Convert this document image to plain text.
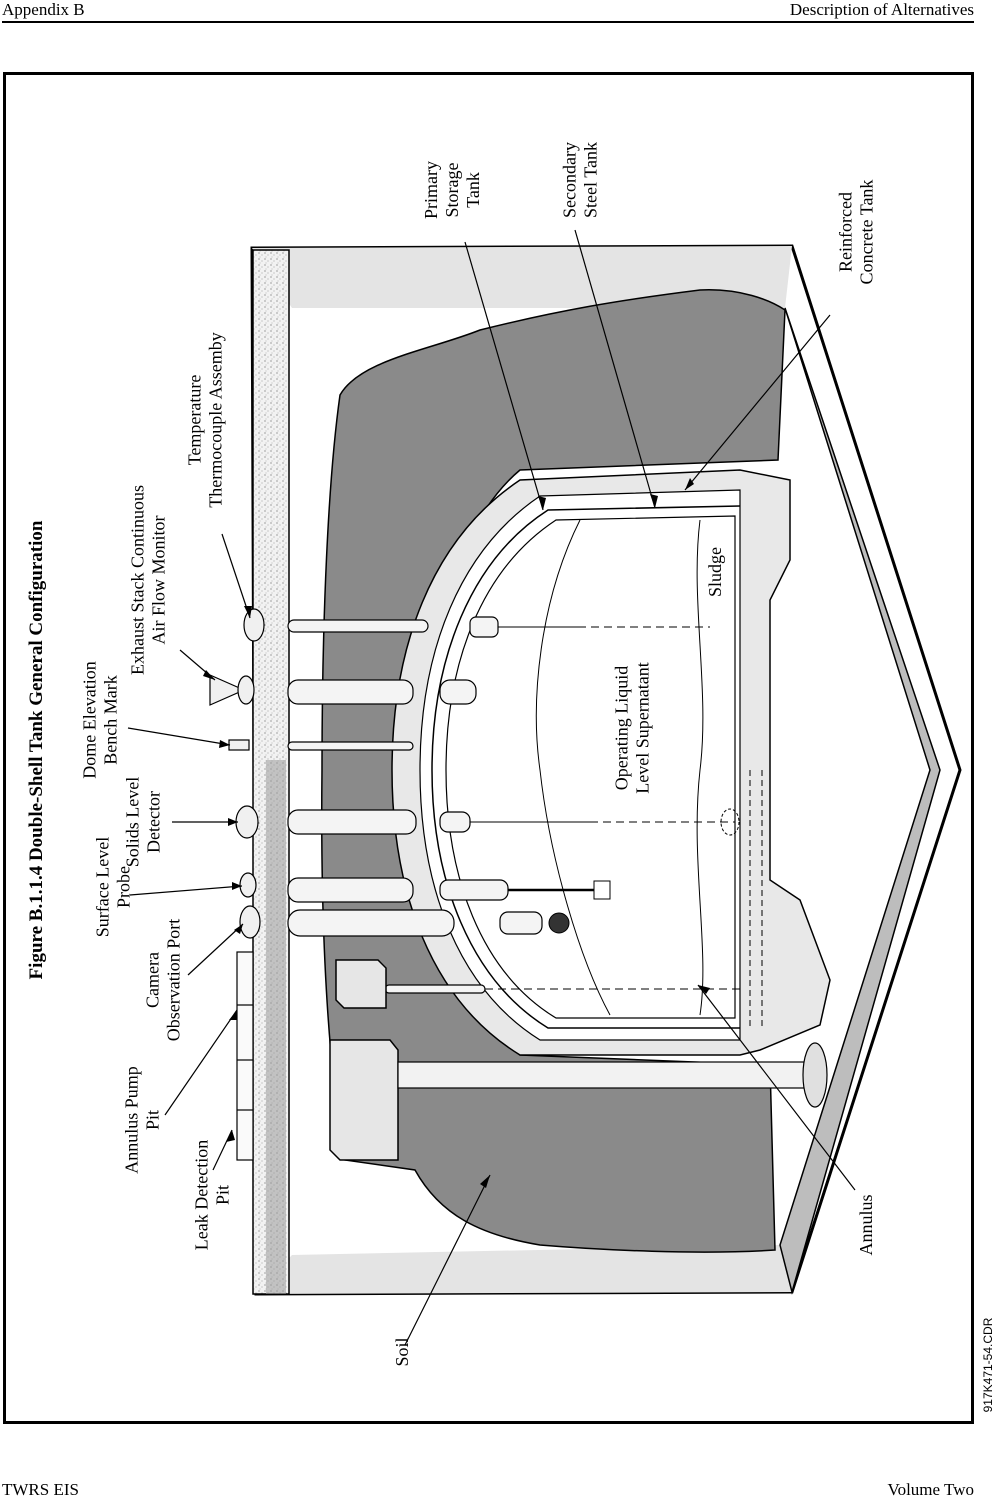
Appendix B	Description of Alternatives
Figure B.1.1.4 Double-Shell Tank General Configuration
Leak DetectionPit
Annulus PumpPit
CameraObservation Port
Surface LevelProbe
Solids LevelDetector
Dome ElevationBench Mark
Exhaust Stack ContinuousAir Flow Monitor
TemperatureThermocouple Assemby
PrimaryStorageTank	SecondarySteel Tank
ReinforcedConcrete Tank
Sludge
Operating LiquidLevel Supernatant
Annulus
Soil	917K471-54.CDR
TWRS EIS	Volume Two
